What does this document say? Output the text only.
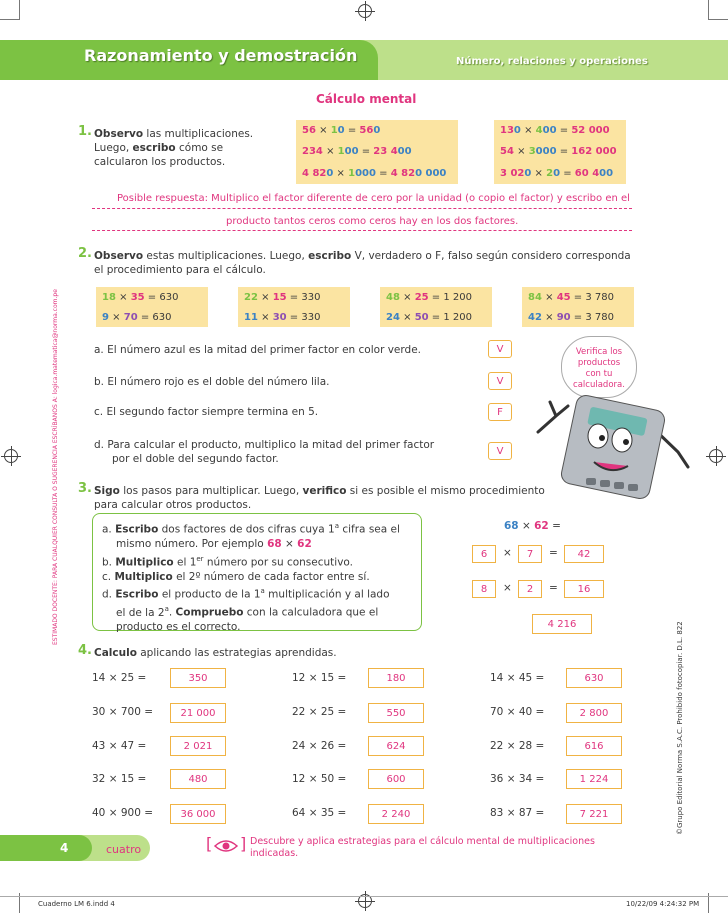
Razonamiento y demostración	Número, relaciones y operaciones
Cálculo mental
1. Observo las multiplicaciones.
Luego, escribo cómo se
calcularon los productos.
56 × 10 = 560
234 × 100 = 23 400
4 820 × 1000 = 4 820 000
130 × 400 = 52 000
54 × 3000 = 162 000
3 020 × 20 = 60 400
Posible respuesta: Multiplico el factor diferente de cero por la unidad (o copio el factor) y escribo en el
producto tantos ceros como ceros hay en los dos factores.
2. Observo estas multiplicaciones. Luego, escribo V, verdadero o F, falso según considero corresponda
el procedimiento para el cálculo.
18 × 35 = 630
9 × 70 = 630
22 × 15 = 330
11 × 30 = 330
48 × 25 = 1 200
24 × 50 = 1 200
84 × 45 = 3 780
42 × 90 = 3 780
a. El número azul es la mitad del primer factor en color verde.	V
b. El número rojo es el doble del número lila.	V
c. El segundo factor siempre termina en 5.	F
d. Para calcular el producto, multiplico la mitad del primer factor
por el doble del segundo factor.
V
Verifica los
productos
con tu
calculadora.
3. Sigo los pasos para multiplicar. Luego, verifico si es posible el mismo procedimiento
para calcular otros productos.
a. Escribo dos factores de dos cifras cuya 1$^a$ cifra sea el
mismo número. Por ejemplo 68 × 62
b. Multiplico el 1er número por su consecutivo.
c. Multiplico el 2º número de cada factor entre sí.
d. Escribo el producto de la 1$^a$ multiplicación y al lado
el de la 2$^a$. Compruebo con la calculadora que el
producto es el correcto.
68 × 62 =
6	×	7	=	42
8	×	2	=	16
4 216
4. Calculo aplicando las estrategias aprendidas.
14 × 25 =	350	12 × 15 =	180	14 × 45 =	630
30 × 700 =	21 000	22 × 25 =	550	70 × 40 =	2 800
43 × 47 =	2 021	24 × 26 =	624	22 × 28 =	616
32 × 15 =	480	12 × 50 =	600	36 × 34 =	1 224
40 × 900 =	36 000	64 × 35 =	2 240	83 × 87 =	7 221
4	cuatro	[ ] Descubre y aplica estrategias para el cálculo mental de multiplicaciones
indicadas.
ESTIMADO DOCENTE: PARA CUALQUIER CONSULTA O SUGERENCIA ESCRÍBANOS A: logica.matematica@norma.com.pe
©Grupo Editorial Norma S.A.C. Prohibido fotocopiar. D.L. 822
Cuaderno LM 6.indd 4	10/22/09 4:24:32 PM
